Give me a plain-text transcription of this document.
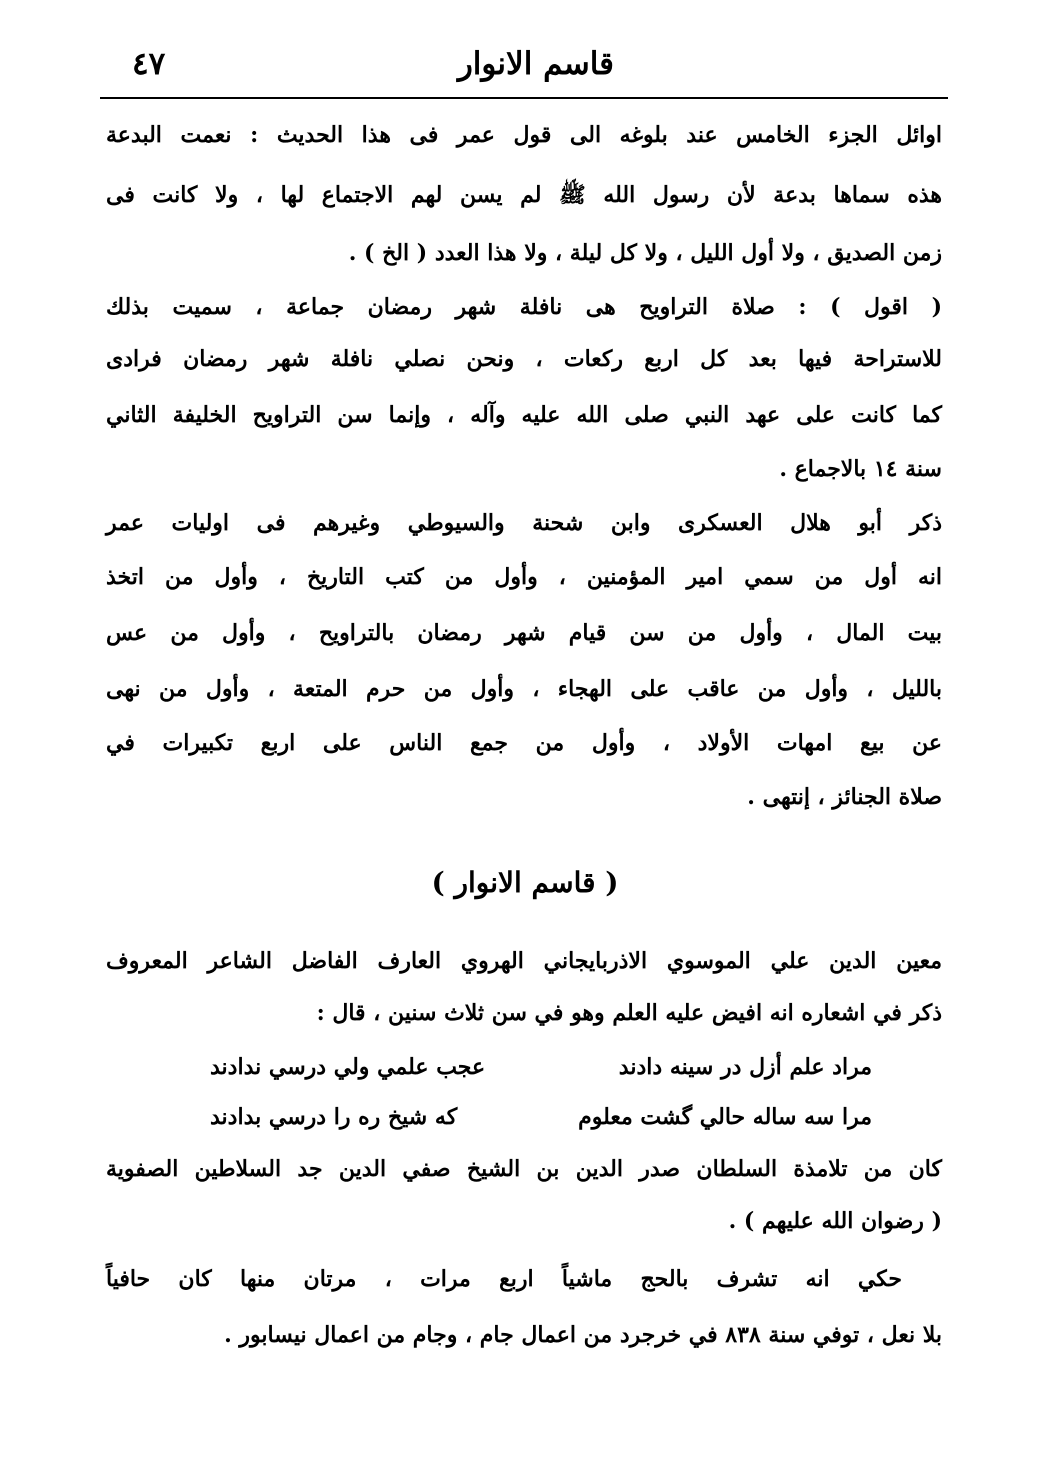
٤٧	قاسم الانوار
اوائل الجزء الخامس عند بلوغه الى قول عمر فى هذا الحديث : نعمت البدعة
هذه سماها بدعة لأن رسول الله ﷺ لم يسن لهم الاجتماع لها ، ولا كانت فى
زمن الصديق ، ولا أول الليل ، ولا كل ليلة ، ولا هذا العدد ( الخ ) .
( اقول ) : صلاة التراويح هى نافلة شهر رمضان جماعة ، سميت بذلك
للاستراحة فيها بعد كل اربع ركعات ، ونحن نصلي نافلة شهر رمضان فرادى
كما كانت على عهد النبي صلى الله عليه وآله ، وإنما سن التراويح الخليفة الثاني
سنة ١٤ بالاجماع .
ذكر أبو هلال العسكرى وابن شحنة والسيوطي وغيرهم فى اوليات عمر
انه أول من سمي امير المؤمنين ، وأول من كتب التاريخ ، وأول من اتخذ
بيت المال ، وأول من سن قيام شهر رمضان بالتراويح ، وأول من عس
بالليل ، وأول من عاقب على الهجاء ، وأول من حرم المتعة ، وأول من نهى
عن بيع امهات الأولاد ، وأول من جمع الناس على اربع تكبيرات في
صلاة الجنائز ، إنتهى .
( قاسم الانوار )
معين الدين علي الموسوي الاذربايجاني الهروي العارف الفاضل الشاعر المعروف
ذكر في اشعاره انه افيض عليه العلم وهو في سن ثلاث سنين ، قال :
مراد علم أزل در سينه دادند
عجب علمي ولي درسي ندادند
مرا سه ساله حالي گشت معلوم
كه شيخ ره را درسي بدادند
كان من تلامذة السلطان صدر الدين بن الشيخ صفي الدين جد السلاطين الصفوية
( رضوان الله عليهم ) .
حكي انه تشرف بالحج ماشياً اربع مرات ، مرتان منها كان حافياً
بلا نعل ، توفي سنة ٨٣٨ في خرجرد من اعمال جام ، وجام من اعمال نيسابور .
